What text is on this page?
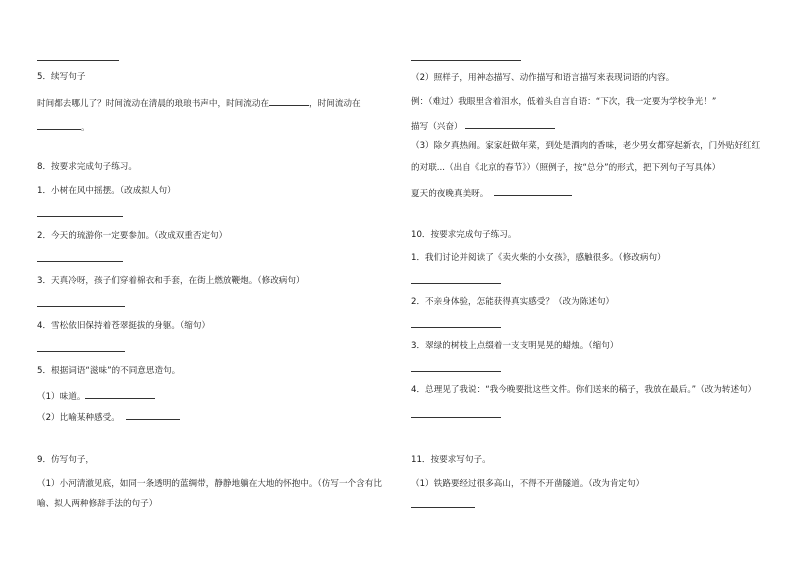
5．续写句子
时间都去哪儿了？时间流动在清晨的琅琅书声中，时间流动在	，时间流动在
。
8．按要求完成句子练习。
1．小树在风中摇摆。（改成拟人句）
2．今天的琉游你一定要参加。（改成双重否定句）
3．天真冷呀，孩子们穿着棉衣和手套，在街上燃放鞭炮。（修改病句）
4．雪松依旧保持着苍翠挺拔的身躯。（缩句）
5．根据词语“滋味”的不同意思造句。
（1）味道。
（2）比喻某种感受。
9．仿写句子，
（1）小河清澈见底，如同一条透明的蓝绸带，静静地躺在大地的怀抱中。（仿写一个含有比
喻、拟人两种修辞手法的句子）
（2）照样子，用神态描写、动作描写和语言描写来表现词语的内容。
例：（难过）我眼里含着泪水，低着头自言自语：“下次，我一定要为学校争光！”
描写（兴奋）
（3）除夕真热闹。家家赶做年菜，到处是酒肉的香味，老少男女都穿起新衣，门外贴好红红
的对联...（出自《北京的春节》）（照例子，按“总分”的形式，把下列句子写具体）
夏天的夜晚真美呀。
10．按要求完成句子练习。
1．我们讨论并阅读了《卖火柴的小女孩》，感触很多。（修改病句）
2．不亲身体验，怎能获得真实感受？（改为陈述句）
3．翠绿的树枝上点缀着一支支明晃晃的蜡烛。（缩句）
4．总理见了我说：“我今晚要批这些文件。你们送来的稿子，我放在最后。”（改为转述句）
11．按要求写句子。
（1）铁路要经过很多高山，不得不开凿隧道。（改为肯定句）
